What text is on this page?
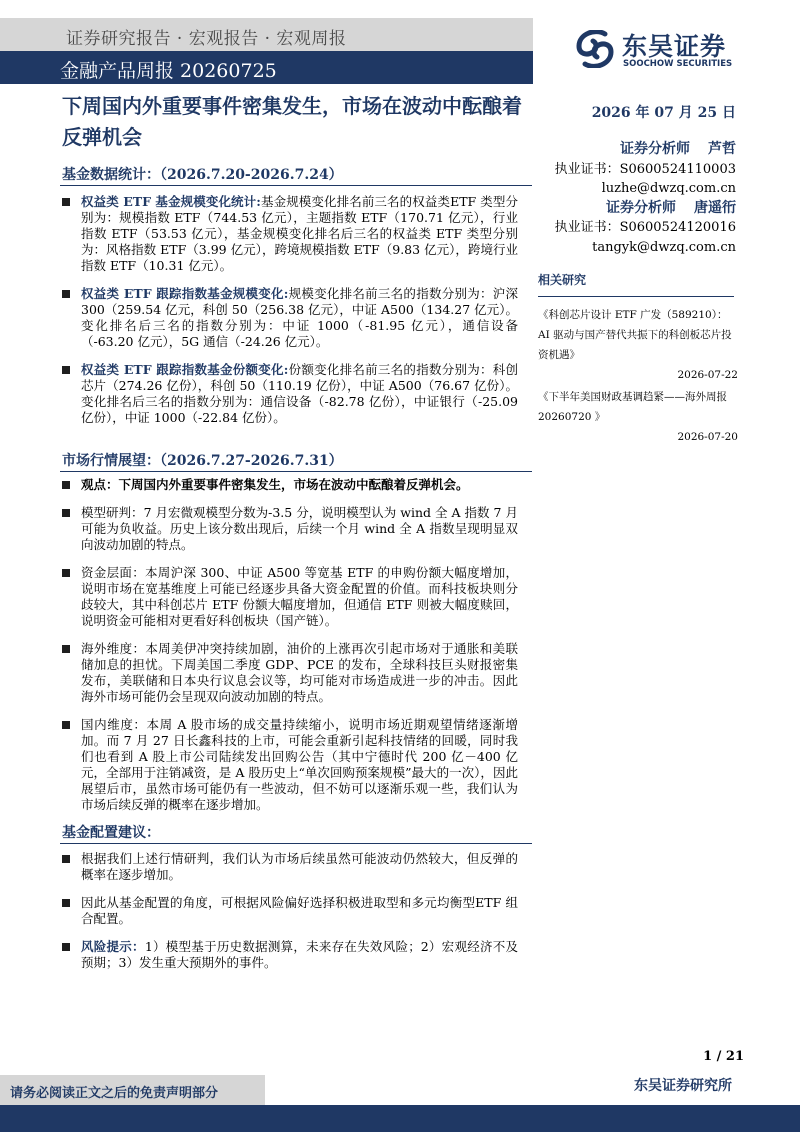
证券研究报告 · 宏观报告 · 宏观周报
金融产品周报 20260725
东吴证券
SOOCHOW SECURITIES
下周国内外重要事件密集发生，市场在波动中酝酿着反弹机会
2026 年 07 月 25 日
证券分析师 芦哲
执业证书：S0600524110003
luzhe@dwzq.com.cn
证券分析师 唐遥衎
执业证书：S0600524120016
tangyk@dwzq.com.cn
相关研究
《科创芯片设计 ETF 广发（589210）：AI 驱动与国产替代共振下的科创板芯片投资机遇》
2026-07-22
《下半年美国财政基调趋紧——海外周报 20260720 》
2026-07-20
基金数据统计：（2026.7.20-2026.7.24）
权益类 ETF 基金规模变化统计:基金规模变化排名前三名的权益类ETF 类型分别为：规模指数 ETF（744.53 亿元），主题指数 ETF（170.71 亿元），行业指数 ETF（53.53 亿元），基金规模变化排名后三名的权益类 ETF 类型分别为：风格指数 ETF（3.99 亿元），跨境规模指数 ETF（9.83 亿元），跨境行业指数 ETF（10.31 亿元）。
权益类 ETF 跟踪指数基金规模变化:规模变化排名前三名的指数分别为：沪深 300（259.54 亿元，科创 50（256.38 亿元），中证 A500（134.27 亿元）。变化排名后三名的指数分别为：中证 1000（-81.95 亿元），通信设备（-63.20 亿元），5G 通信（-24.26 亿元）。
权益类 ETF 跟踪指数基金份额变化:份额变化排名前三名的指数分别为：科创芯片（274.26 亿份），科创 50（110.19 亿份），中证 A500（76.67 亿份）。变化排名后三名的指数分别为：通信设备（-82.78 亿份），中证银行（-25.09 亿份），中证 1000（-22.84 亿份）。
市场行情展望：（2026.7.27-2026.7.31）
观点：下周国内外重要事件密集发生，市场在波动中酝酿着反弹机会。
模型研判：7 月宏微观模型分数为-3.5 分，说明模型认为 wind 全 A 指数 7 月可能为负收益。历史上该分数出现后，后续一个月 wind 全 A 指数呈现明显双向波动加剧的特点。
资金层面：本周沪深 300、中证 A500 等宽基 ETF 的申购份额大幅度增加，说明市场在宽基维度上可能已经逐步具备大资金配置的价值。而科技板块则分歧较大，其中科创芯片 ETF 份额大幅度增加，但通信 ETF 则被大幅度赎回，说明资金可能相对更看好科创板块（国产链）。
海外维度：本周美伊冲突持续加剧，油价的上涨再次引起市场对于通胀和美联储加息的担忧。下周美国二季度 GDP、PCE 的发布，全球科技巨头财报密集发布，美联储和日本央行议息会议等，均可能对市场造成进一步的冲击。因此海外市场可能仍会呈现双向波动加剧的特点。
国内维度：本周 A 股市场的成交量持续缩小，说明市场近期观望情绪逐渐增加。而 7 月 27 日长鑫科技的上市，可能会重新引起科技情绪的回暖，同时我们也看到 A 股上市公司陆续发出回购公告（其中宁德时代 200 亿－400 亿元，全部用于注销减资，是 A 股历史上“单次回购预案规模”最大的一次），因此展望后市，虽然市场可能仍有一些波动，但不妨可以逐渐乐观一些，我们认为市场后续反弹的概率在逐步增加。
基金配置建议：
根据我们上述行情研判，我们认为市场后续虽然可能波动仍然较大，但反弹的概率在逐步增加。
因此从基金配置的角度，可根据风险偏好选择积极进取型和多元均衡型ETF 组合配置。
风险提示：1）模型基于历史数据测算，未来存在失效风险；2）宏观经济不及预期；3）发生重大预期外的事件。
1 / 21
请务必阅读正文之后的免责声明部分	东吴证券研究所
